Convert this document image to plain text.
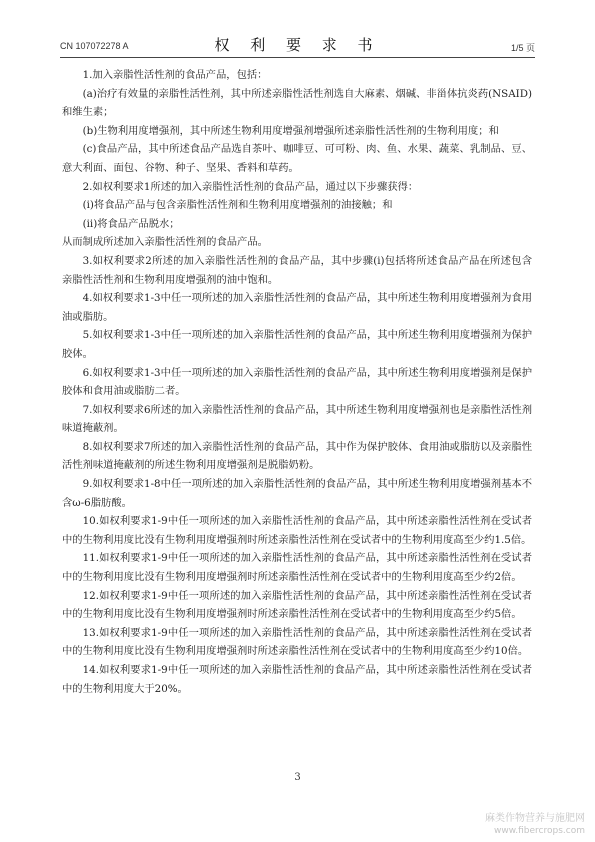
CN 107072278 A	权 利 要 求 书	1/5 页

1.加入亲脂性活性剂的食品产品，包括：

(a)治疗有效量的亲脂性活性剂，其中所述亲脂性活性剂选自大麻素、烟碱、非甾体抗炎药(NSAID)和维生素；

(b)生物利用度增强剂，其中所述生物利用度增强剂增强所述亲脂性活性剂的生物利用度；和

(c)食品产品，其中所述食品产品选自茶叶、咖啡豆、可可粉、肉、鱼、水果、蔬菜、乳制品、豆、意大利面、面包、谷物、种子、坚果、香料和草药。

2.如权利要求1所述的加入亲脂性活性剂的食品产品，通过以下步骤获得：

(i)将食品产品与包含亲脂性活性剂和生物利用度增强剂的油接触；和

(ii)将食品产品脱水；

从而制成所述加入亲脂性活性剂的食品产品。

3.如权利要求2所述的加入亲脂性活性剂的食品产品，其中步骤(i)包括将所述食品产品在所述包含亲脂性活性剂和生物利用度增强剂的油中饱和。

4.如权利要求1-3中任一项所述的加入亲脂性活性剂的食品产品，其中所述生物利用度增强剂为食用油或脂肪。

5.如权利要求1-3中任一项所述的加入亲脂性活性剂的食品产品，其中所述生物利用度增强剂为保护胶体。

6.如权利要求1-3中任一项所述的加入亲脂性活性剂的食品产品，其中所述生物利用度增强剂是保护胶体和食用油或脂肪二者。

7.如权利要求6所述的加入亲脂性活性剂的食品产品，其中所述生物利用度增强剂也是亲脂性活性剂味道掩蔽剂。

8.如权利要求7所述的加入亲脂性活性剂的食品产品，其中作为保护胶体、食用油或脂肪以及亲脂性活性剂味道掩蔽剂的所述生物利用度增强剂是脱脂奶粉。

9.如权利要求1-8中任一项所述的加入亲脂性活性剂的食品产品，其中所述生物利用度增强剂基本不含ω-6脂肪酸。

10.如权利要求1-9中任一项所述的加入亲脂性活性剂的食品产品，其中所述亲脂性活性剂在受试者中的生物利用度比没有生物利用度增强剂时所述亲脂性活性剂在受试者中的生物利用度高至少约1.5倍。

11.如权利要求1-9中任一项所述的加入亲脂性活性剂的食品产品，其中所述亲脂性活性剂在受试者中的生物利用度比没有生物利用度增强剂时所述亲脂性活性剂在受试者中的生物利用度高至少约2倍。

12.如权利要求1-9中任一项所述的加入亲脂性活性剂的食品产品，其中所述亲脂性活性剂在受试者中的生物利用度比没有生物利用度增强剂时所述亲脂性活性剂在受试者中的生物利用度高至少约5倍。

13.如权利要求1-9中任一项所述的加入亲脂性活性剂的食品产品，其中所述亲脂性活性剂在受试者中的生物利用度比没有生物利用度增强剂时所述亲脂性活性剂在受试者中的生物利用度高至少约10倍。

14.如权利要求1-9中任一项所述的加入亲脂性活性剂的食品产品，其中所述亲脂性活性剂在受试者中的生物利用度大于20%。

3
麻类作物营养与施肥网
www.fibercrops.com
